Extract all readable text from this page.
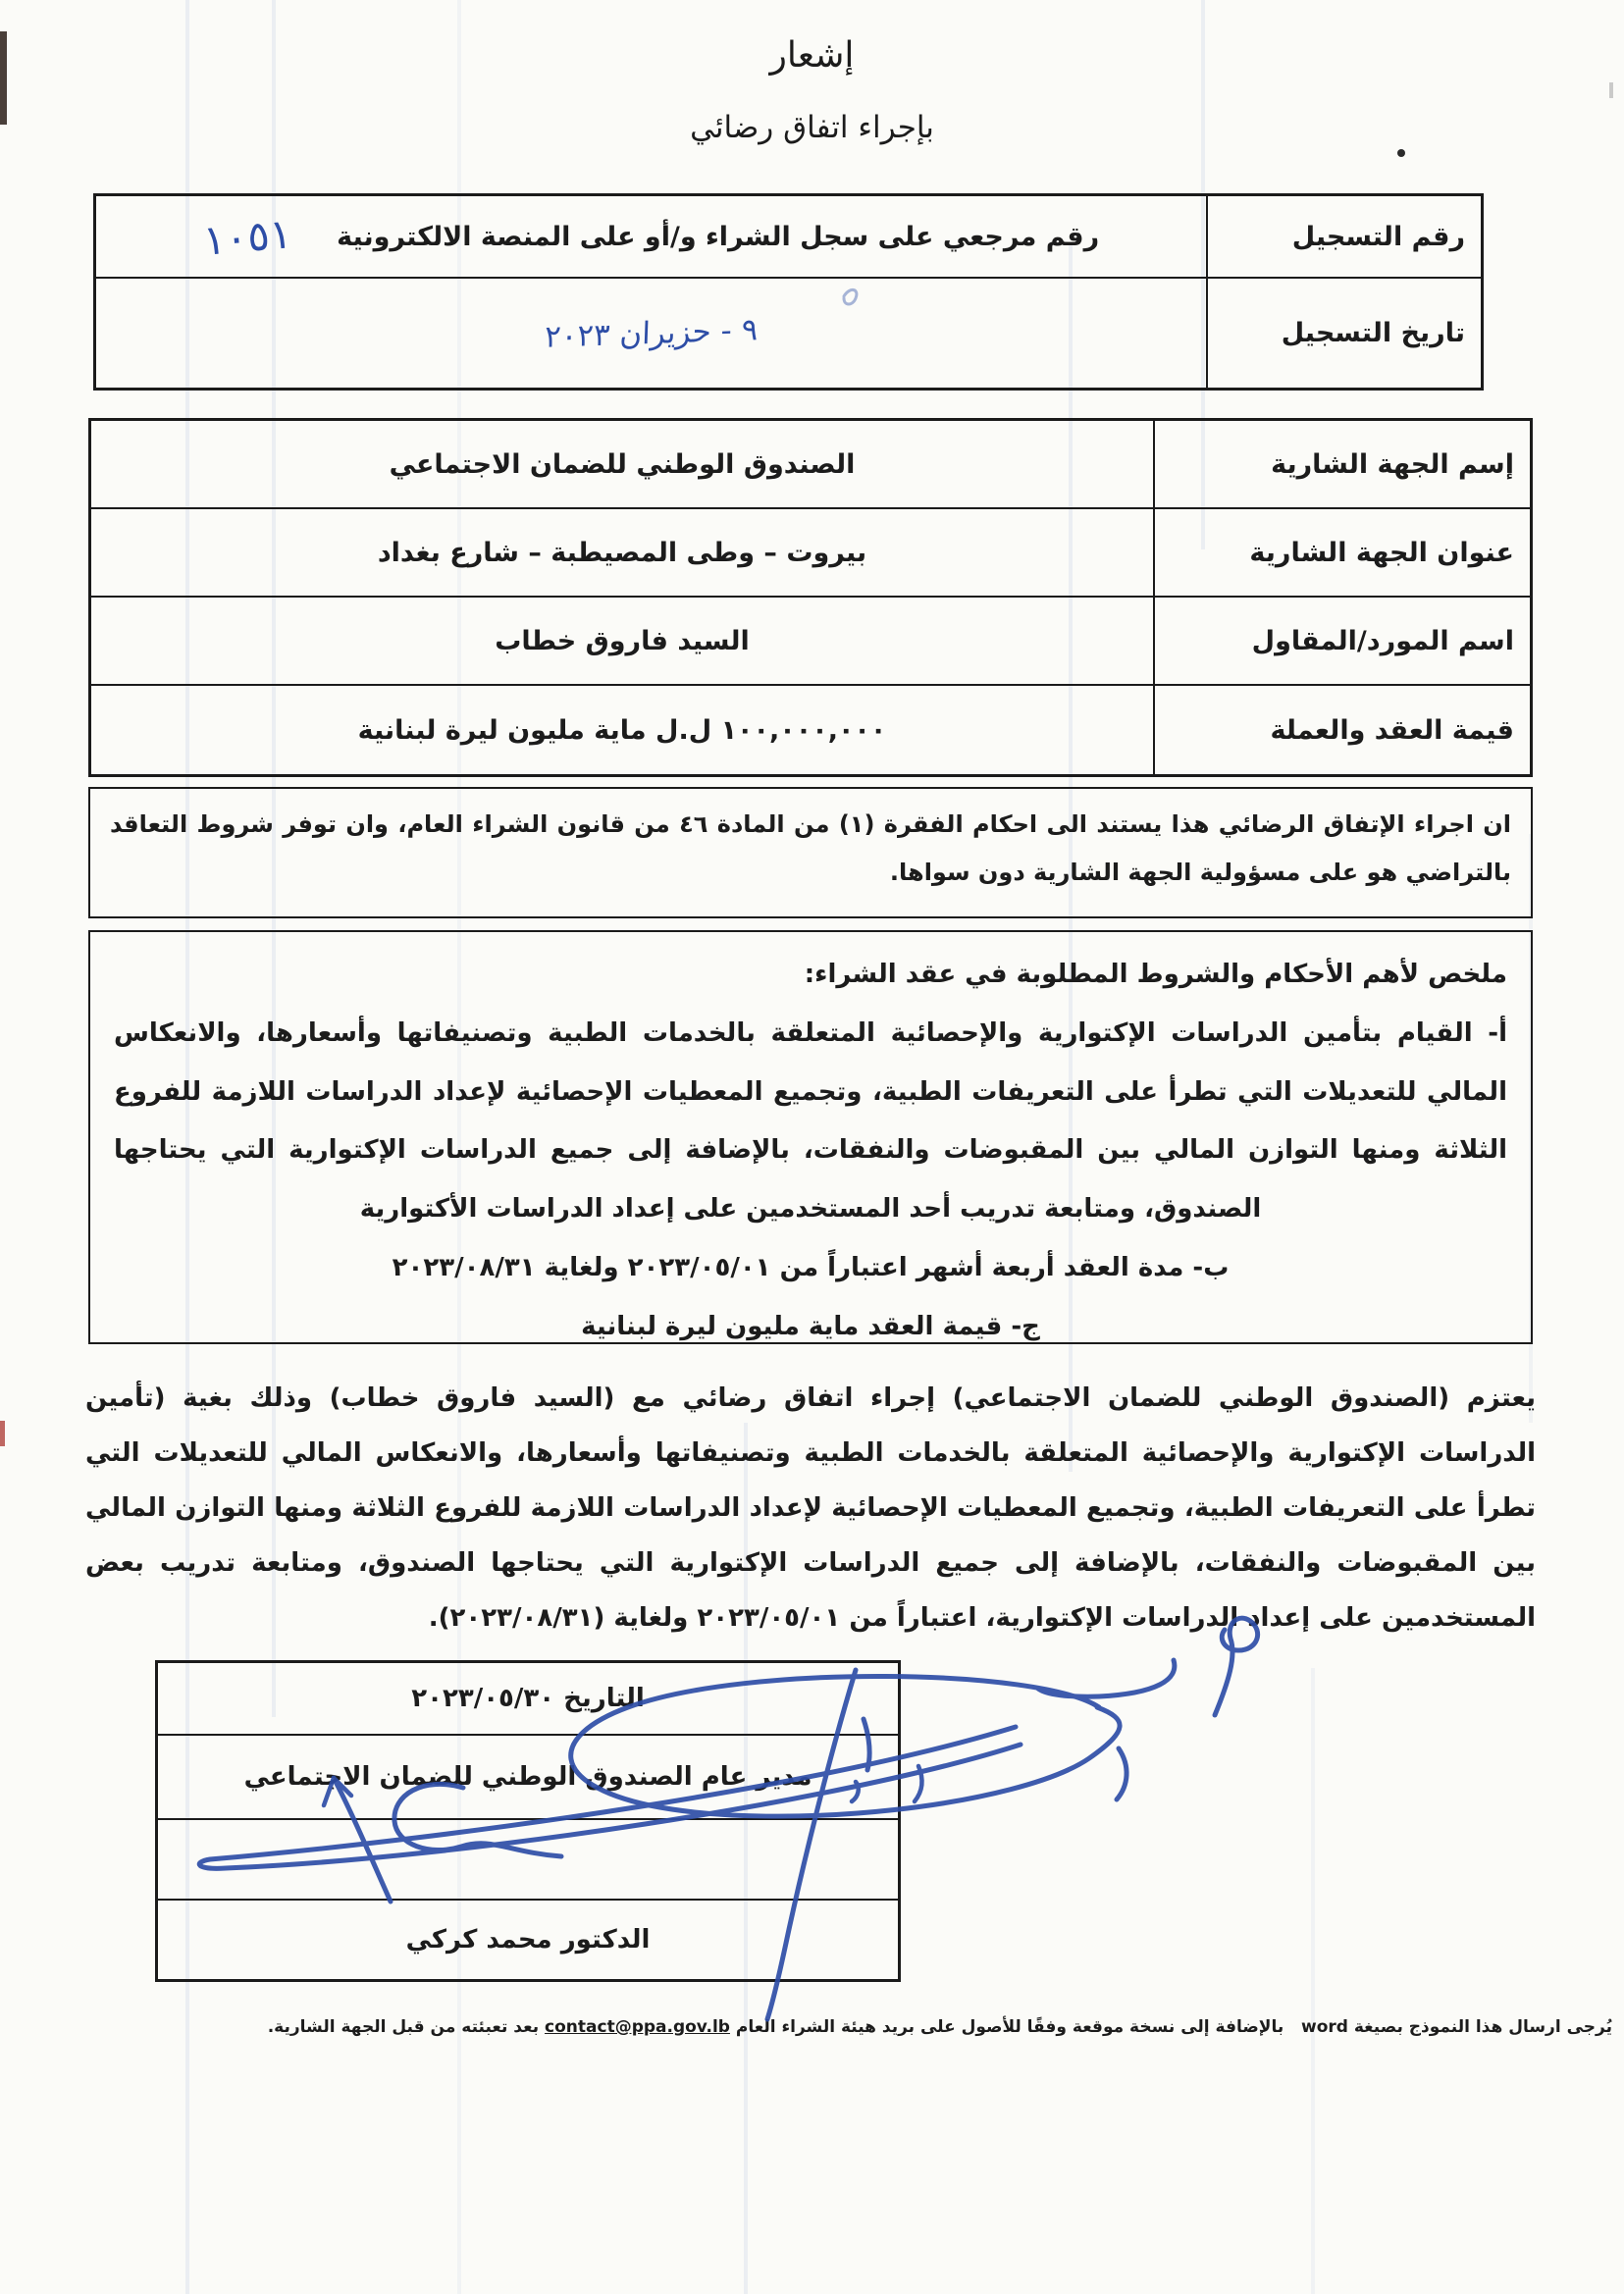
إشعار
بإجراء اتفاق رضائي
رقم التسجيل
رقم مرجعي على سجل الشراء و/أو على المنصة الالكترونية
١٠٥١
تاريخ التسجيل
٩ - حزيران ٢٠٢٣
إسم الجهة الشارية
الصندوق الوطني للضمان الاجتماعي
عنوان الجهة الشارية
بيروت – وطى المصيطبة – شارع بغداد
اسم المورد/المقاول
السيد فاروق خطاب
قيمة العقد والعملة
١٠٠,٠٠٠,٠٠٠ ل.ل ماية مليون ليرة لبنانية
ان اجراء الإتفاق الرضائي هذا يستند الى احكام الفقرة (١) من المادة ٤٦ من قانون الشراء العام، وان توفر شروط التعاقد بالتراضي هو على مسؤولية الجهة الشارية دون سواها.
ملخص لأهم الأحكام والشروط المطلوبة في عقد الشراء:
أ- القيام بتأمين الدراسات الإكتوارية والإحصائية المتعلقة بالخدمات الطبية وتصنيفاتها وأسعارها، والانعكاس المالي للتعديلات التي تطرأ على التعريفات الطبية، وتجميع المعطيات الإحصائية لإعداد الدراسات اللازمة للفروع الثلاثة ومنها التوازن المالي بين المقبوضات والنفقات، بالإضافة إلى جميع الدراسات الإكتوارية التي يحتاجها الصندوق، ومتابعة تدريب أحد المستخدمين على إعداد الدراسات الأكتوارية
ب- مدة العقد أربعة أشهر اعتباراً من ٢٠٢٣/٠٥/٠١ ولغاية ٢٠٢٣/٠٨/٣١
ج- قيمة العقد ماية مليون ليرة لبنانية
يعتزم (الصندوق الوطني للضمان الاجتماعي) إجراء اتفاق رضائي مع (السيد فاروق خطاب) وذلك بغية (تأمين الدراسات الإكتوارية والإحصائية المتعلقة بالخدمات الطبية وتصنيفاتها وأسعارها، والانعكاس المالي للتعديلات التي تطرأ على التعريفات الطبية، وتجميع المعطيات الإحصائية لإعداد الدراسات اللازمة للفروع الثلاثة ومنها التوازن المالي بين المقبوضات والنفقات، بالإضافة إلى جميع الدراسات الإكتوارية التي يحتاجها الصندوق، ومتابعة تدريب بعض المستخدمين على إعداد الدراسات الإكتوارية، اعتباراً من ٢٠٢٣/٠٥/٠١ ولغاية (٢٠٢٣/٠٨/٣١).
التاريخ ٢٠٢٣/٠٥/٣٠
مدير عام الصندوق الوطني للضمان الاجتماعي
الدكتور محمد كركي
يُرجى ارسال هذا النموذج بصيغة word   بالإضافة إلى نسخة موقعة وفقًا للأصول على بريد هيئة الشراء العام contact@ppa.gov.lb بعد تعبئته من قبل الجهة الشارية.
